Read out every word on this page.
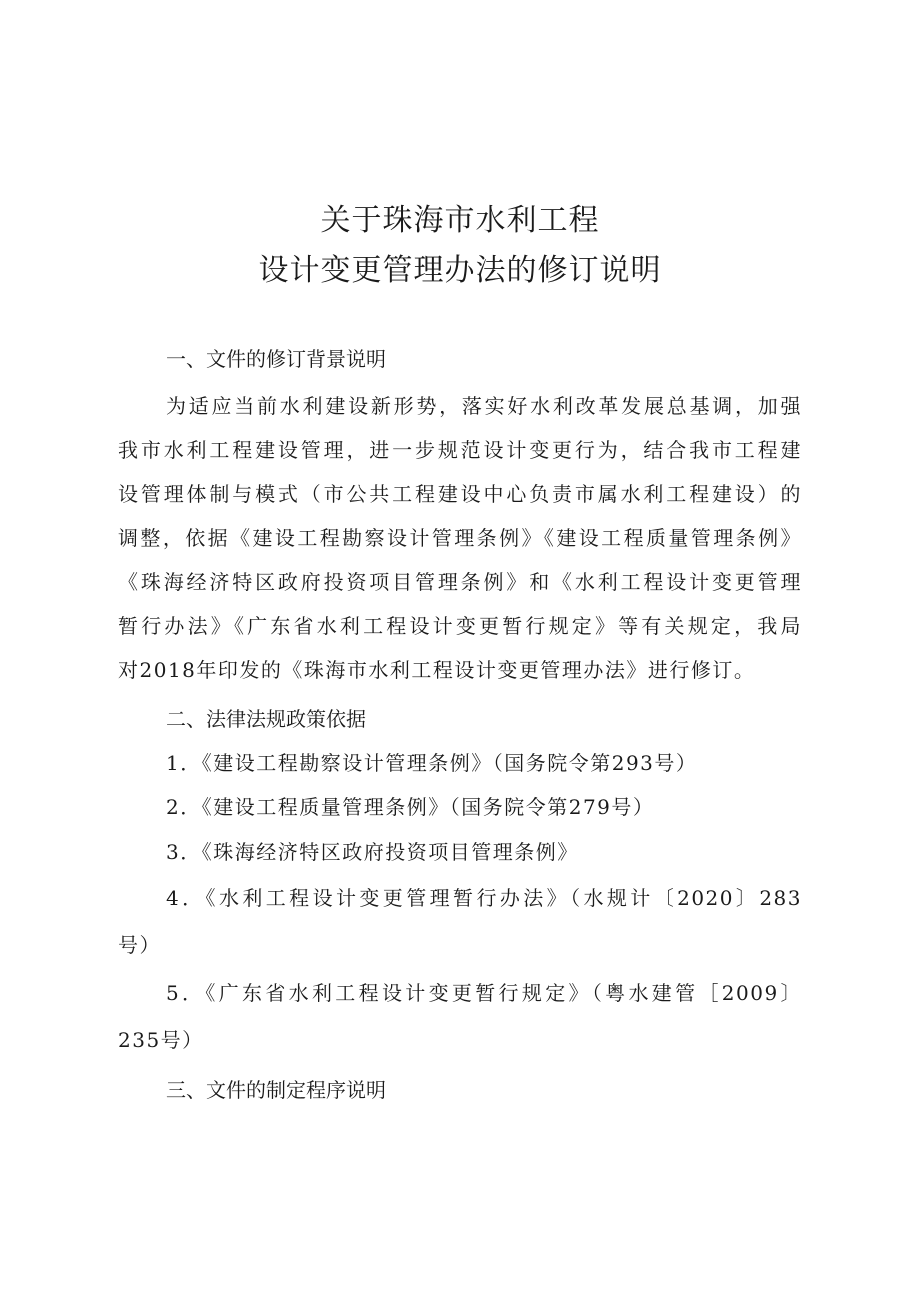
关于珠海市水利工程
设计变更管理办法的修订说明
一、文件的修订背景说明
为适应当前水利建设新形势，落实好水利改革发展总基调，加强
我市水利工程建设管理，进一步规范设计变更行为，结合我市工程建
设管理体制与模式（市公共工程建设中心负责市属水利工程建设）的
调整，依据《建设工程勘察设计管理条例》《建设工程质量管理条例》
《珠海经济特区政府投资项目管理条例》和《水利工程设计变更管理
暂行办法》《广东省水利工程设计变更暂行规定》等有关规定，我局
对2018年印发的《珠海市水利工程设计变更管理办法》进行修订。
二、法律法规政策依据
1．《建设工程勘察设计管理条例》（国务院令第293号）
2．《建设工程质量管理条例》（国务院令第279号）
3．《珠海经济特区政府投资项目管理条例》
4．《水利工程设计变更管理暂行办法》（水规计〔2020〕283
号）
5．《广东省水利工程设计变更暂行规定》（粤水建管［2009〕
235号）
三、文件的制定程序说明
